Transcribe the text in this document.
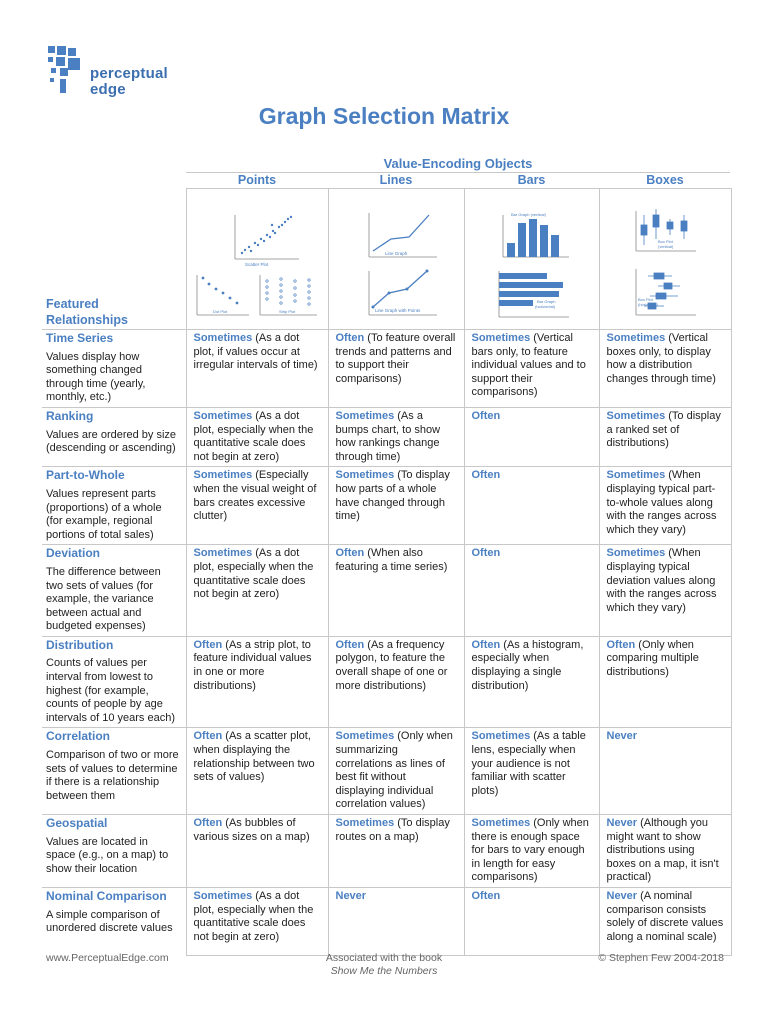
perceptual
edge
Graph Selection Matrix
Value-Encoding Objects
Points	Lines	Bars	Boxes
Featured
Relationships

Scatter Plot
Dot Plot Strip Plot	Line Graph
Line Graph with Points	Bar Graph (vertical)
Bar Graph
(horizontal)	Box Plot
(vertical)
Box Plot
(horizontal)

Time Series
Values display how something changed through time (yearly, monthly, etc.)	Sometimes (As a dot plot, if values occur at irregular intervals of time)	Often (To feature overall trends and patterns and to support their comparisons)	Sometimes (Vertical bars only, to feature individual values and to support their comparisons)	Sometimes (Vertical boxes only, to display how a distribution changes through time)

Ranking
Values are ordered by size (descending or ascending)	Sometimes (As a dot plot, especially when the quantitative scale does not begin at zero)	Sometimes (As a bumps chart, to show how rankings change through time)	Often	Sometimes (To display a ranked set of distributions)

Part-to-Whole
Values represent parts (proportions) of a whole (for example, regional portions of total sales)	Sometimes (Especially when the visual weight of bars creates excessive clutter)	Sometimes (To display how parts of a whole have changed through time)	Often	Sometimes (When displaying typical part-to-whole values along with the ranges across which they vary)

Deviation
The difference between two sets of values (for example, the variance between actual and budgeted expenses)	Sometimes (As a dot plot, especially when the quantitative scale does not begin at zero)	Often (When also featuring a time series)	Often	Sometimes (When displaying typical deviation values along with the ranges across which they vary)

Distribution
Counts of values per interval from lowest to highest (for example, counts of people by age intervals of 10 years each)	Often (As a strip plot, to feature individual values in one or more distributions)	Often (As a frequency polygon, to feature the overall shape of one or more distributions)	Often (As a histogram, especially when displaying a single distribution)	Often (Only when comparing multiple distributions)

Correlation
Comparison of two or more sets of values to determine if there is a relationship between them	Often (As a scatter plot, when displaying the relationship between two sets of values)	Sometimes (Only when summarizing correlations as lines of best fit without displaying individual correlation values)	Sometimes (As a table lens, especially when your audience is not familiar with scatter plots)	Never

Geospatial
Values are located in space (e.g., on a map) to show their location	Often (As bubbles of various sizes on a map)	Sometimes (To display routes on a map)	Sometimes (Only when there is enough space for bars to vary enough in length for easy comparisons)	Never (Although you might want to show distributions using boxes on a map, it isn't practical)

Nominal Comparison
A simple comparison of unordered discrete values	Sometimes (As a dot plot, especially when the quantitative scale does not begin at zero)	Never	Often	Never (A nominal comparison consists solely of discrete values along a nominal scale)
www.PerceptualEdge.com	Associated with the book
Show Me the Numbers
© Stephen Few 2004-2018
